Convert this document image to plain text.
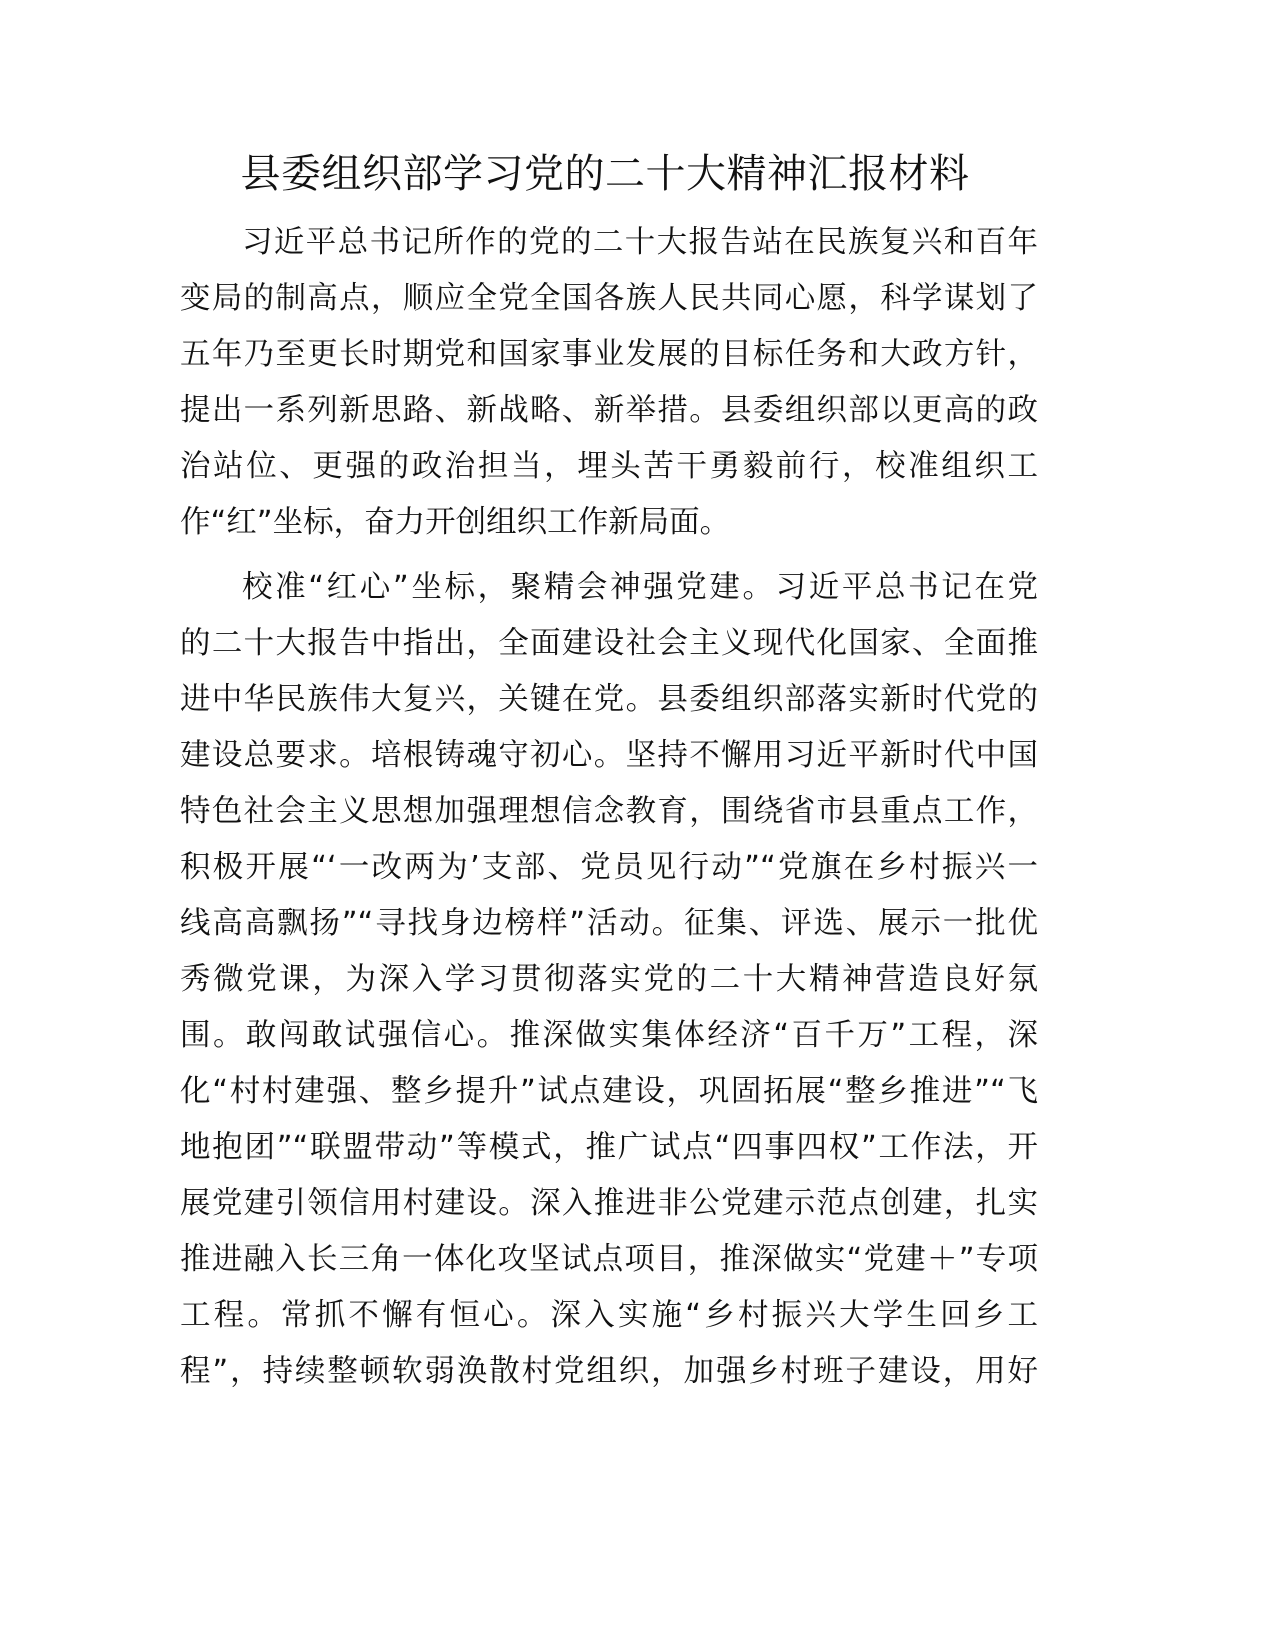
县委组织部学习党的二十大精神汇报材料
习近平总书记所作的党的二十大报告站在民族复兴和百年
变局的制高点，顺应全党全国各族人民共同心愿，科学谋划了
五年乃至更长时期党和国家事业发展的目标任务和大政方针，
提出一系列新思路、新战略、新举措。县委组织部以更高的政
治站位、更强的政治担当，埋头苦干勇毅前行，校准组织工
作“红”坐标，奋力开创组织工作新局面。
校准“红心”坐标，聚精会神强党建。习近平总书记在党
的二十大报告中指出，全面建设社会主义现代化国家、全面推
进中华民族伟大复兴，关键在党。县委组织部落实新时代党的
建设总要求。培根铸魂守初心。坚持不懈用习近平新时代中国
特色社会主义思想加强理想信念教育，围绕省市县重点工作，
积极开展“‘一改两为’支部、党员见行动”“党旗在乡村振兴一
线高高飘扬”“寻找身边榜样”活动。征集、评选、展示一批优
秀微党课，为深入学习贯彻落实党的二十大精神营造良好氛
围。敢闯敢试强信心。推深做实集体经济“百千万”工程，深
化“村村建强、整乡提升”试点建设，巩固拓展“整乡推进”“飞
地抱团”“联盟带动”等模式，推广试点“四事四权”工作法，开
展党建引领信用村建设。深入推进非公党建示范点创建，扎实
推进融入长三角一体化攻坚试点项目，推深做实“党建＋”专项
工程。常抓不懈有恒心。深入实施“乡村振兴大学生回乡工
程”，持续整顿软弱涣散村党组织，加强乡村班子建设，用好
